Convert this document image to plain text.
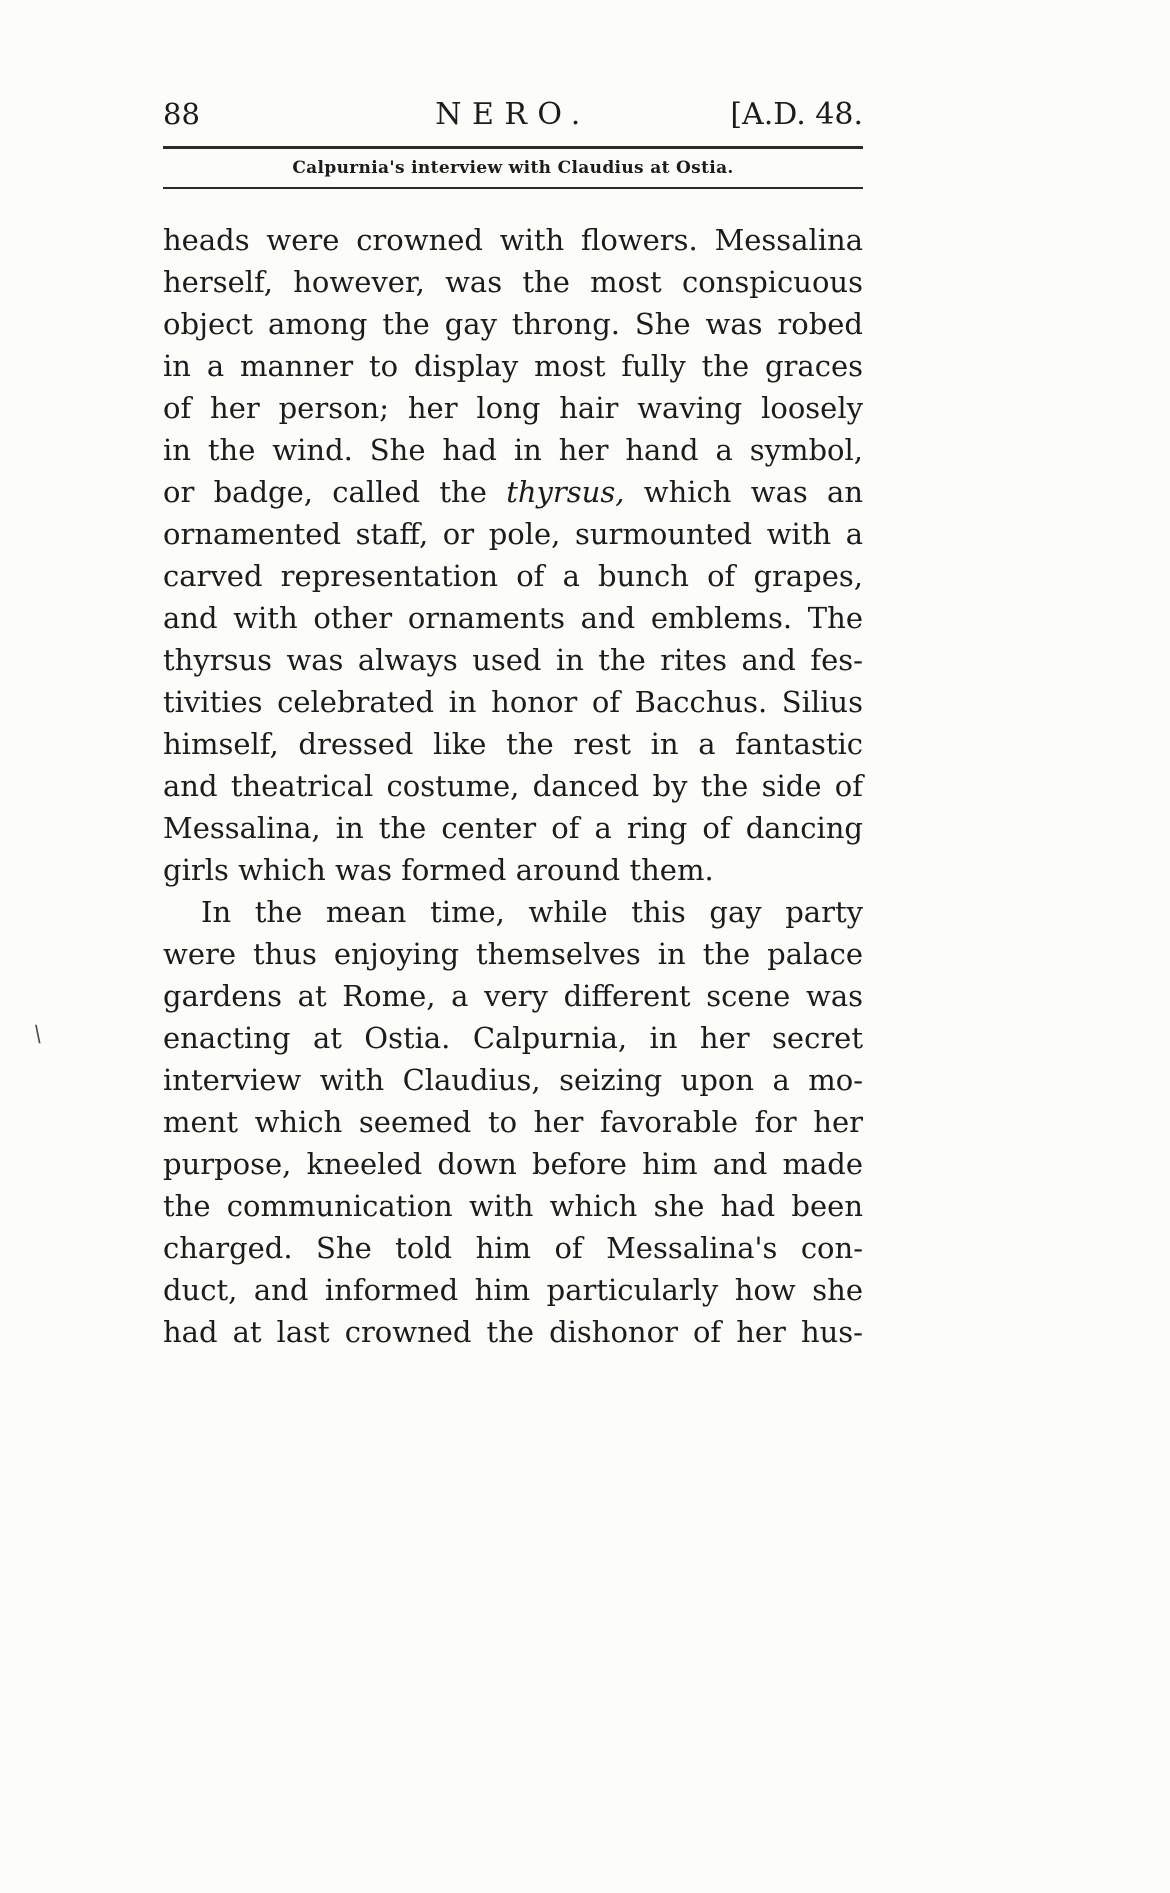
\
88	NERO.	[A.D. 48.
Calpurnia's interview with Claudius at Ostia.
heads were crowned with flowers. Messalina
herself, however, was the most conspicuous
object among the gay throng. She was robed
in a manner to display most fully the graces
of her person; her long hair waving loosely
in the wind. She had in her hand a symbol,
or badge, called the thyrsus, which was an
ornamented staff, or pole, surmounted with a
carved representation of a bunch of grapes,
and with other ornaments and emblems. The
thyrsus was always used in the rites and fes-
tivities celebrated in honor of Bacchus. Silius
himself, dressed like the rest in a fantastic
and theatrical costume, danced by the side of
Messalina, in the center of a ring of dancing
girls which was formed around them.
In the mean time, while this gay party
were thus enjoying themselves in the palace
gardens at Rome, a very different scene was
enacting at Ostia. Calpurnia, in her secret
interview with Claudius, seizing upon a mo-
ment which seemed to her favorable for her
purpose, kneeled down before him and made
the communication with which she had been
charged. She told him of Messalina's con-
duct, and informed him particularly how she
had at last crowned the dishonor of her hus-
